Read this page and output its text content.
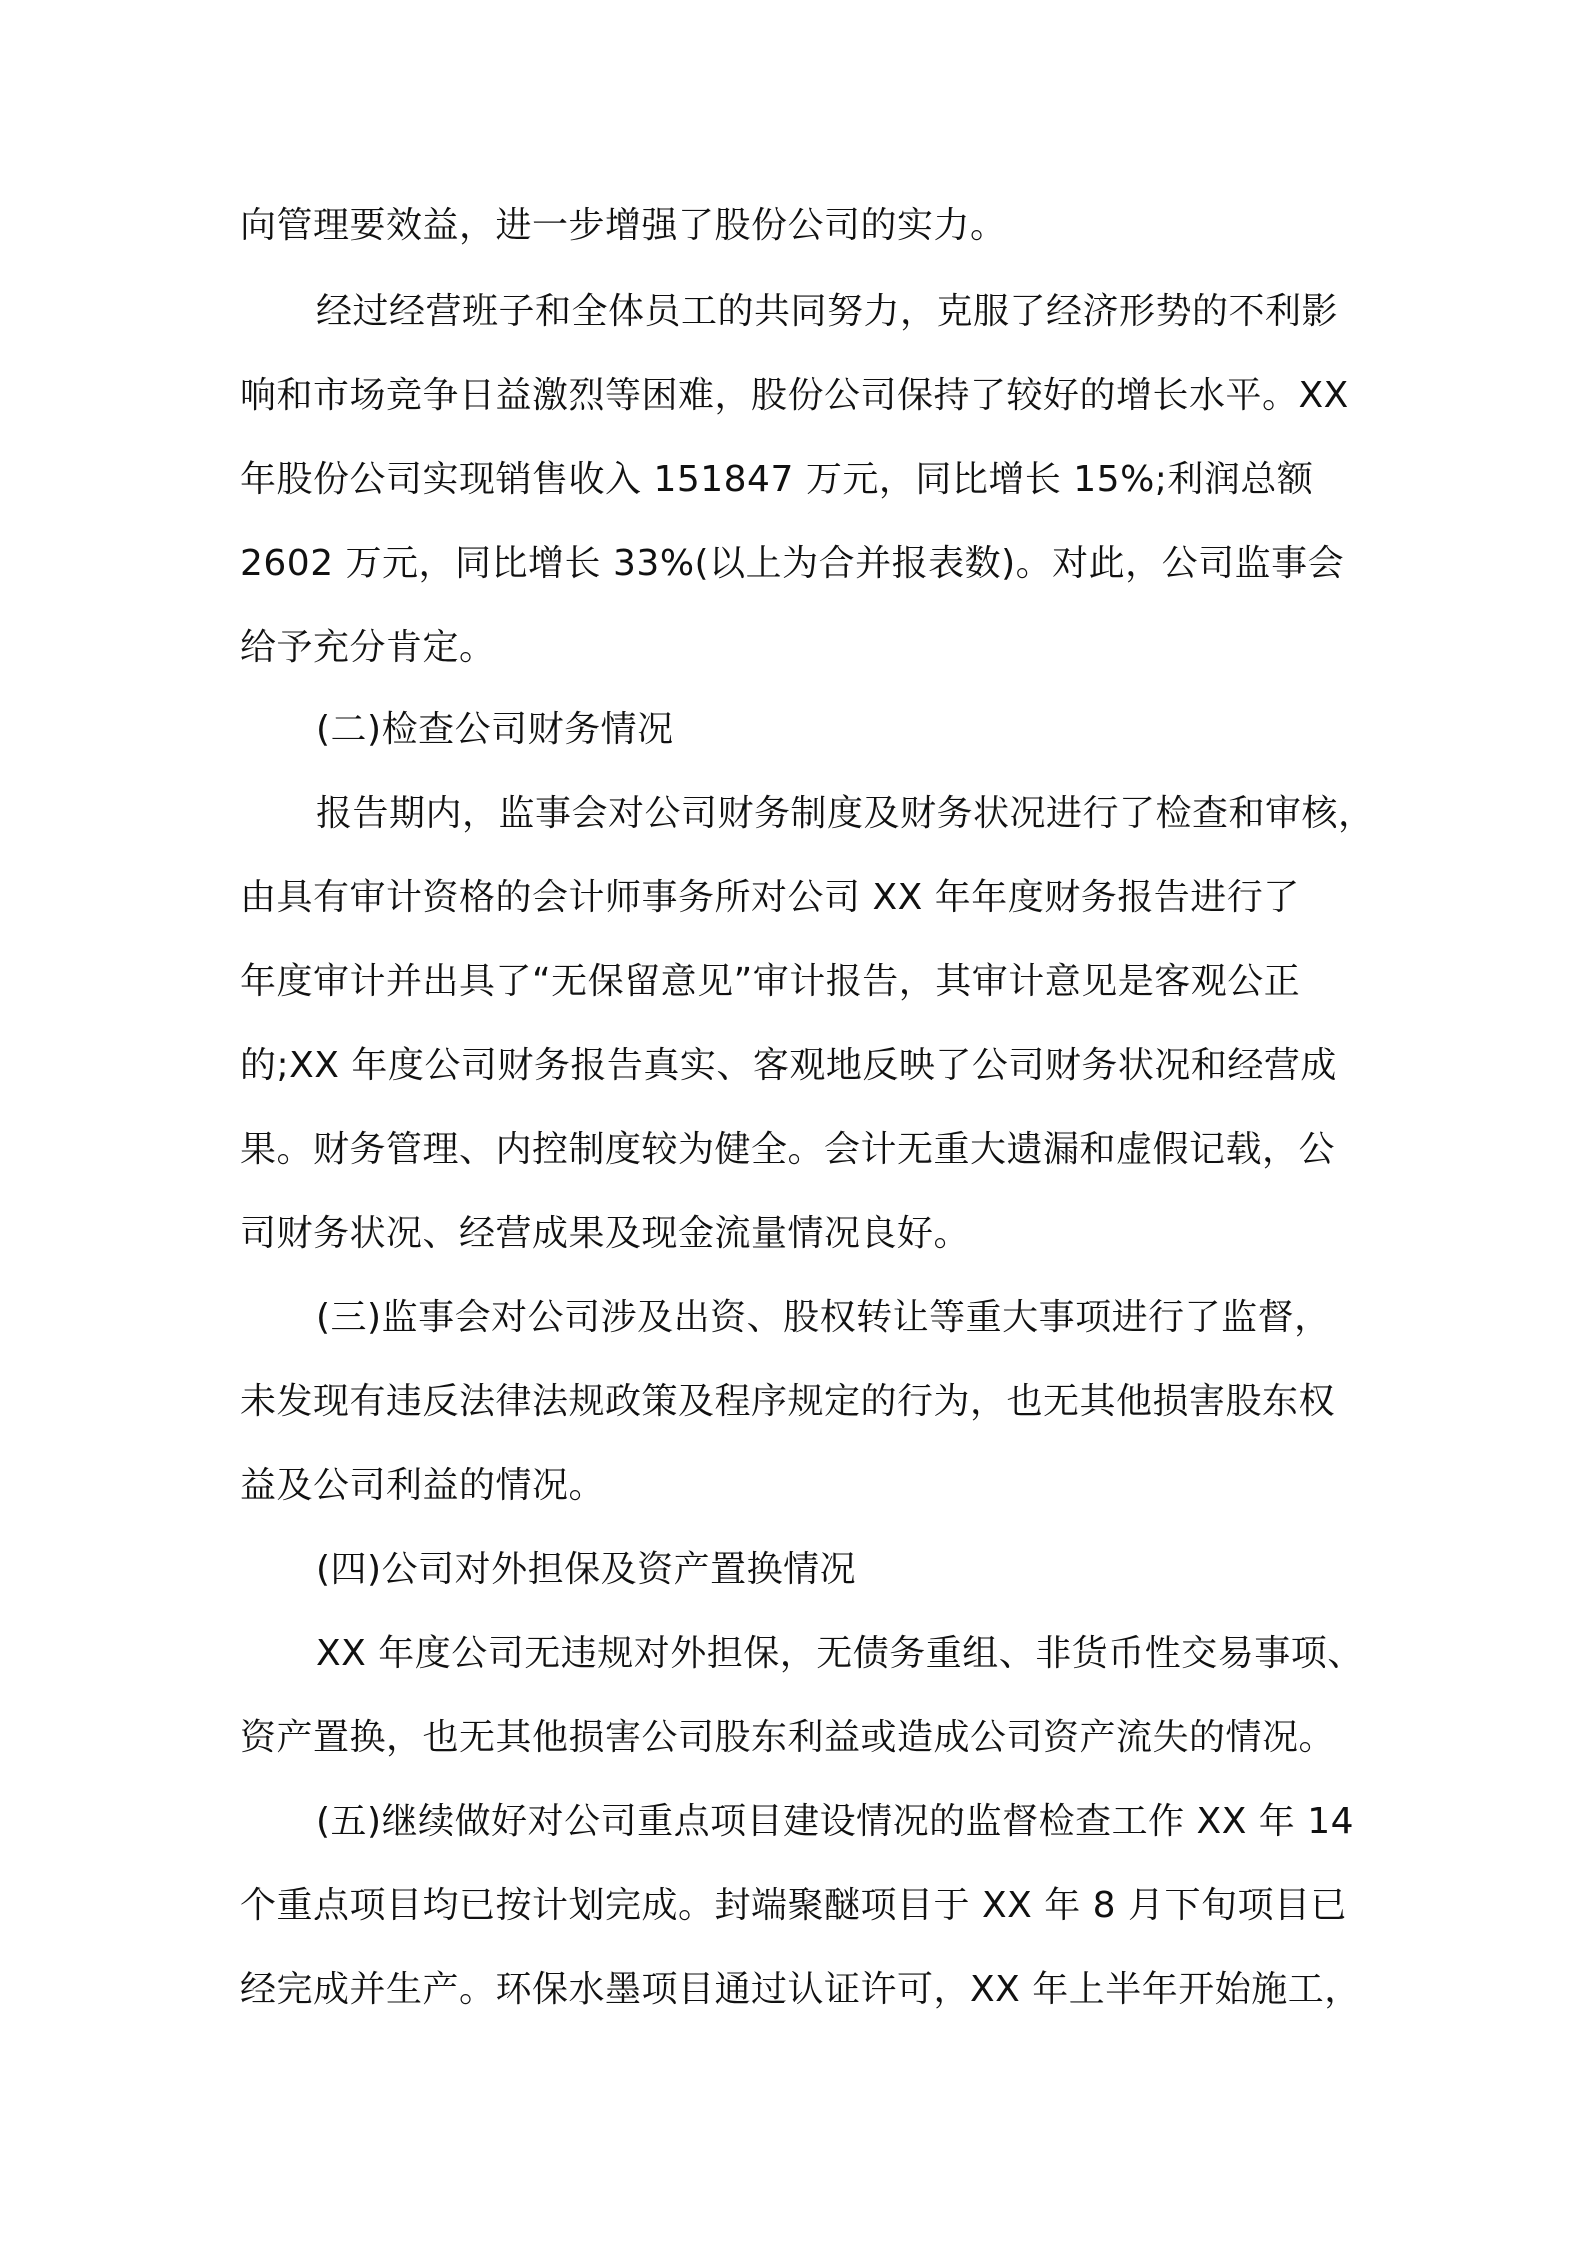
向管理要效益，进一步增强了股份公司的实力。
经过经营班子和全体员工的共同努力，克服了经济形势的不利影
响和市场竞争日益激烈等困难，股份公司保持了较好的增长水平。XX
年股份公司实现销售收入 151847 万元，同比增长 15%;利润总额
2602 万元，同比增长 33%(以上为合并报表数)。对此，公司监事会
给予充分肯定。
(二)检查公司财务情况
报告期内，监事会对公司财务制度及财务状况进行了检查和审核，
由具有审计资格的会计师事务所对公司 XX 年年度财务报告进行了
年度审计并出具了“无保留意见”审计报告，其审计意见是客观公正
的;XX 年度公司财务报告真实、客观地反映了公司财务状况和经营成
果。财务管理、内控制度较为健全。会计无重大遗漏和虚假记载，公
司财务状况、经营成果及现金流量情况良好。
(三)监事会对公司涉及出资、股权转让等重大事项进行了监督，
未发现有违反法律法规政策及程序规定的行为，也无其他损害股东权
益及公司利益的情况。
(四)公司对外担保及资产置换情况
XX 年度公司无违规对外担保，无债务重组、非货币性交易事项、
资产置换，也无其他损害公司股东利益或造成公司资产流失的情况。
(五)继续做好对公司重点项目建设情况的监督检查工作 XX 年 14
个重点项目均已按计划完成。封端聚醚项目于 XX 年 8 月下旬项目已
经完成并生产。环保水墨项目通过认证许可，XX 年上半年开始施工，
